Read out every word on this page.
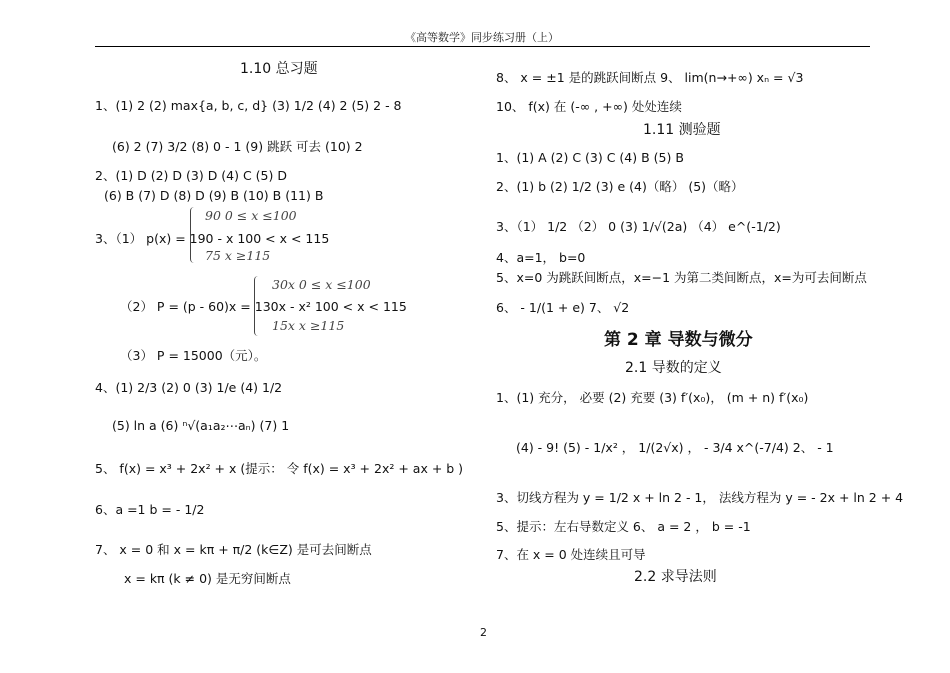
《高等数学》同步练习册（上）
1.10 总习题
1、(1) 2 (2) max{a, b, c, d} (3) 1/2 (4) 2 (5) 2 - 8
(6) 2 (7) 3/2 (8) 0 - 1 (9) 跳跃 可去 (10) 2
2、(1) D (2) D (3) D (4) C (5) D
(6) B (7) D (8) D (9) B (10) B (11) B
90 0 ≤ x ≤100
3、（1） p(x) = 190 - x 100 < x < 115
75 x ≥115
30x 0 ≤ x ≤100
（2） P = (p - 60)x = 130x - x² 100 < x < 115
15x x ≥115
（3） P = 15000（元）。
4、(1) 2/3 (2) 0 (3) 1/e (4) 1/2
(5) ln a (6) ⁿ√(a₁a₂⋯aₙ) (7) 1
5、 f(x) = x³ + 2x² + x (提示： 令 f(x) = x³ + 2x² + ax + b )
6、a =1 b = - 1/2
7、 x = 0 和 x = kπ + π/2 (k∈Z) 是可去间断点
x = kπ (k ≠ 0) 是无穷间断点
8、 x = ±1 是的跳跃间断点 9、 lim(n→+∞) xₙ = √3
10、 f(x) 在 (-∞ , +∞) 处处连续
1.11 测验题
1、(1) A (2) C (3) C (4) B (5) B
2、(1) b (2) 1/2 (3) e (4)（略） (5)（略）
3、（1） 1/2 （2） 0 (3) 1/√(2a) （4） e^(-1/2)
4、a=1， b=0
5、x=0 为跳跃间断点，x=−1 为第二类间断点，x=为可去间断点
6、 - 1/(1 + e) 7、 √2
第 2 章 导数与微分
2.1 导数的定义
1、(1) 充分， 必要 (2) 充要 (3) f′(x₀)， (m + n) f′(x₀)
(4) - 9! (5) - 1/x² ， 1/(2√x) ， - 3/4 x^(-7/4) 2、 - 1
3、切线方程为 y = 1/2 x + ln 2 - 1， 法线方程为 y = - 2x + ln 2 + 4
5、提示：左右导数定义 6、 a = 2 ， b = -1
7、在 x = 0 处连续且可导
2.2 求导法则
2
